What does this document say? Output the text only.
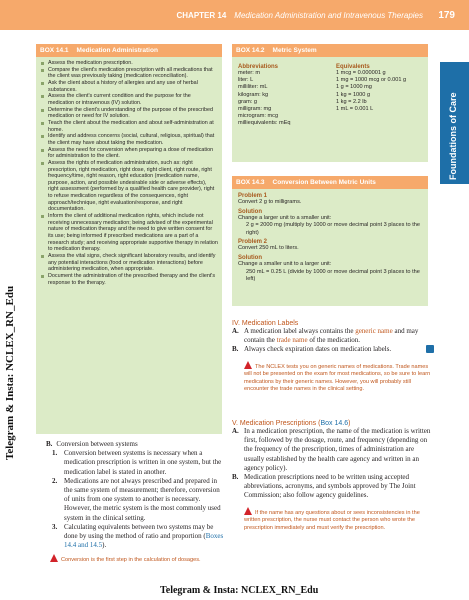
CHAPTER 14 Medication Administration and Intravenous Therapies 179
Foundations of Care
Telegram & Insta: NCLEX_RN_Edu
Telegram & Insta: NCLEX_RN_Edu
BOX 14.1 Medication Administration
Assess the medication prescription.
Compare the client's medication prescription with all medications that the client was previously taking (medication reconciliation).
Ask the client about a history of allergies and any use of herbal substances.
Assess the client's current condition and the purpose for the medication or intravenous (IV) solution.
Determine the client's understanding of the purpose of the prescribed medication or need for IV solution.
Teach the client about the medication and about self-administration at home.
Identify and address concerns (social, cultural, religious, spiritual) that the client may have about taking the medication.
Assess the need for conversion when preparing a dose of medication for administration to the client.
Assess the rights of medication administration, such as: right prescription, right medication, right dose, right client, right route, right frequency/time, right reason, right education (medication name, purpose, action, and possible undesirable side or adverse effects), right assessment (performed by a qualified health care provider), right to refuse medication regardless of the consequences, right approach/technique, right evaluation/response, and right documentation.
Inform the client of additional medication rights, which include not receiving unnecessary medication; being advised of the experimental nature of medication therapy and the need to give written consent for its use; being informed if prescribed medications are a part of a research study; and receiving appropriate supportive therapy in relation to medication therapy.
Assess the vital signs, check significant laboratory results, and identify any potential interactions (food or medication interactions) before administering medication, when appropriate.
Document the administration of the prescribed therapy and the client's response to the therapy.
BOX 14.2 Metric System
Abbreviations
meter: m
liter: L
milliliter: mL
kilogram: kg
gram: g
milligram: mg
microgram: mcg
milliequivalents: mEq
Equivalents
1 mcg = 0.000001 g
1 mg = 1000 mcg or 0.001 g
1 g = 1000 mg
1 kg = 1000 g
1 kg = 2.2 lb
1 mL = 0.001 L
BOX 14.3 Conversion Between Metric Units
Problem 1
Convert 2 g to milligrams.
Solution
Change a larger unit to a smaller unit:
2 g = 2000 mg (multiply by 1000 or move decimal point 3 places to the right)
Problem 2
Convert 250 mL to liters.
Solution
Change a smaller unit to a larger unit:
250 mL = 0.25 L (divide by 1000 or move decimal point 3 places to the left)
IV. Medication Labels
A. A medication label always contains the generic name and may contain the trade name of the medication.
B. Always check expiration dates on medication labels.
The NCLEX tests you on generic names of medications. Trade names will not be presented on the exam for most medications, so be sure to learn medications by their generic names. However, you will probably still encounter the trade names in the clinical setting.
V. Medication Prescriptions (Box 14.6)
A. In a medication prescription, the name of the medication is written first, followed by the dosage, route, and frequency (depending on the frequency of the prescription, times of administration are usually established by the health care agency and written in an agency policy).
B. Medication prescriptions need to be written using accepted abbreviations, acronyms, and symbols approved by The Joint Commission; also follow agency guidelines.
If the name has any questions about or sees inconsistencies in the written prescription, the nurse must contact the person who wrote the prescription immediately and must verify the prescription.
B. Conversion between systems
1. Conversion between systems is necessary when a medication prescription is written in one system, but the medication label is stated in another.
2. Medications are not always prescribed and prepared in the same system of measurement; therefore, conversion of units from one system to another is necessary. However, the metric system is the most commonly used system in the clinical setting.
3. Calculating equivalents between two systems may be done by using the method of ratio and proportion (Boxes 14.4 and 14.5).
Conversion is the first step in the calculation of dosages.
